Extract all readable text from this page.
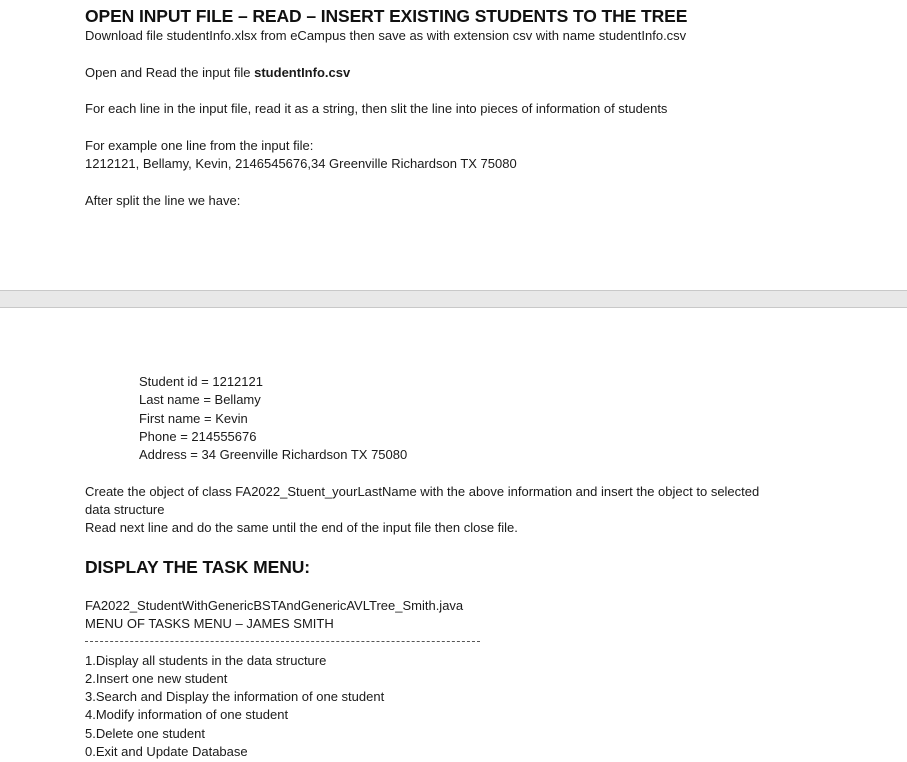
OPEN INPUT FILE – READ – INSERT EXISTING STUDENTS TO THE TREE
Download file studentInfo.xlsx from eCampus then save as with extension csv with name studentInfo.csv
Open and Read the input file studentInfo.csv
For each line in the input file, read it as a string, then slit the line into pieces of information of students
For example one line from the input file:
1212121, Bellamy, Kevin, 2146545676,34 Greenville Richardson TX 75080
After split the line we have:
Student id = 1212121
Last name = Bellamy
First name = Kevin
Phone = 214555676
Address = 34 Greenville Richardson TX 75080
Create the object of class FA2022_Stuent_yourLastName with the above information and insert the object to selected
data structure
Read next line and do the same until the end of the input file then close file.
DISPLAY THE TASK MENU:
FA2022_StudentWithGenericBSTAndGenericAVLTree_Smith.java
MENU OF TASKS MENU – JAMES SMITH
1.Display all students in the data structure
2.Insert one new student
3.Search and Display the information of one student
4.Modify information of one student
5.Delete one student
0.Exit and Update Database
